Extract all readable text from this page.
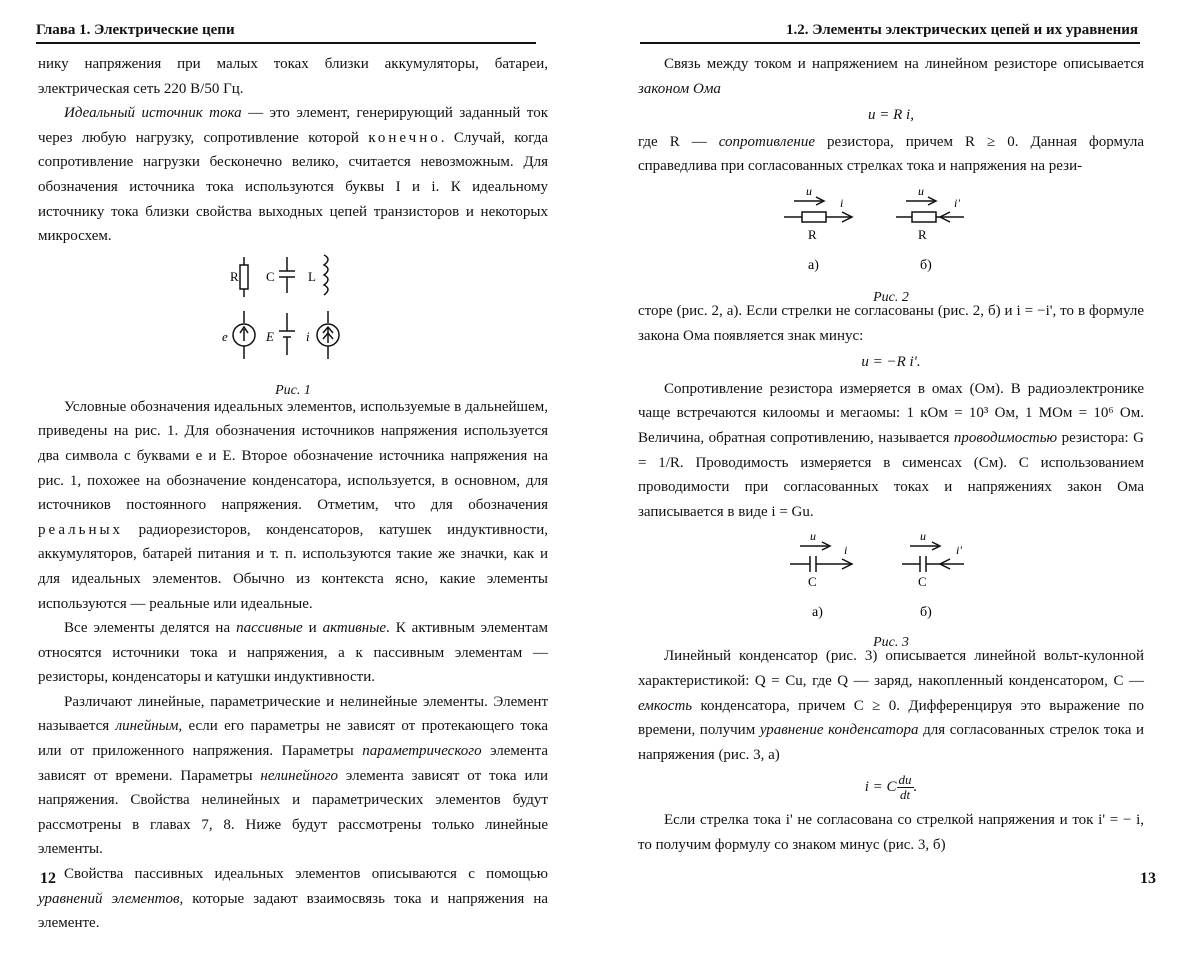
Глава 1. Электрические цепи

нику напряжения при малых токах близки аккумуляторы, батареи, электрическая сеть 220 В/50 Гц.

Идеальный источник тока — это элемент, генерирующий заданный ток через любую нагрузку, сопротивление которой конечно. Случай, когда сопротивление нагрузки бесконечно велико, считается невозможным. Для обозначения источника тока используются буквы I и i. К идеальному источнику тока близки свойства выходных цепей транзисторов и некоторых микросхем.

R C	L
e	E i
Рис. 1

Условные обозначения идеальных элементов, используемые в дальнейшем, приведены на рис. 1. Для обозначения источников напряжения используется два символа с буквами e и E. Второе обозначение источника напряжения на рис. 1, похожее на обозначение конденсатора, используется, в основном, для источников постоянного напряжения. Отметим, что для обозначения реальных радиорезисторов, конденсаторов, катушек индуктивности, аккумуляторов, батарей питания и т. п. используются такие же значки, как и для идеальных элементов. Обычно из контекста ясно, какие элементы используются — реальные или идеальные.

Все элементы делятся на пассивные и активные. К активным элементам относятся источники тока и напряжения, а к пассивным элементам — резисторы, конденсаторы и катушки индуктивности.

Различают линейные, параметрические и нелинейные элементы. Элемент называется линейным, если его параметры не зависят от протекающего тока или от приложенного напряжения. Параметры параметрического элемента зависят от времени. Параметры нелинейного элемента зависят от тока или напряжения. Свойства нелинейных и параметрических элементов будут рассмотрены в главах 7, 8. Ниже будут рассмотрены только линейные элементы.

Свойства пассивных идеальных элементов описываются с помощью уравнений элементов, которые задают взаимосвязь тока и напряжения на элементе.

12
1.2. Элементы электрических цепей и их уравнения

Связь между током и напряжением на линейном резисторе описывается законом Ома

u = R i,

где R — сопротивление резистора, причем R ≥ 0. Данная формула справедлива при согласованных стрелках тока и напряжения на рези-

u
i
R
а)
u
i'
R
б)
Рис. 2

сторе (рис. 2, а). Если стрелки не согласованы (рис. 2, б) и i = −i', то в формуле закона Ома появляется знак минус:

u = −R i'.

Сопротивление резистора измеряется в омах (Ом). В радиоэлектронике чаще встречаются килоомы и мегаомы: 1 кОм = 10³ Ом, 1 МОм = 10⁶ Ом. Величина, обратная сопротивлению, называется проводимостью резистора: G = 1/R. Проводимость измеряется в сименсах (См). С использованием проводимости при согласованных токах и напряжениях закон Ома записывается в виде i = Gu.

u
i
C
а)
u
i'
C
б)
Рис. 3

Линейный конденсатор (рис. 3) описывается линейной вольт-кулонной характеристикой: Q = Cu, где Q — заряд, накопленный конденсатором, C — емкость конденсатора, причем C ≥ 0. Дифференцируя это выражение по времени, получим уравнение конденсатора для согласованных стрелок тока и напряжения (рис. 3, а)

i = C $\frac{du}{dt}$ .

Если стрелка тока i' не согласована со стрелкой напряжения и ток i' = − i, то получим формулу со знаком минус (рис. 3, б)

13
